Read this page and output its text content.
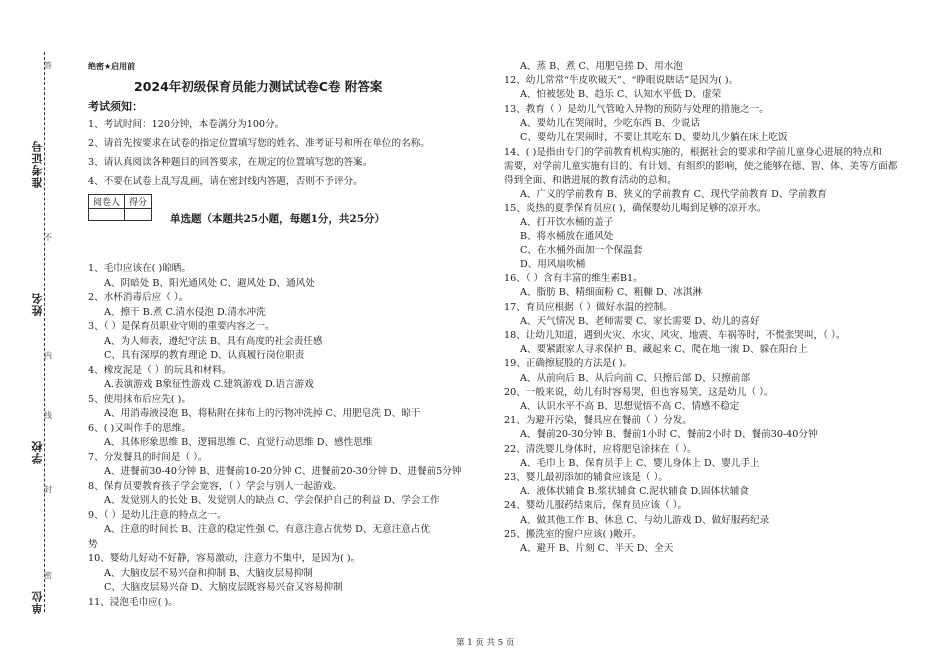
准考证号
姓名
学校
单位
答
不
内
线
封
密
绝密★启用前
2024年初级保育员能力测试试卷C卷 附答案
考试须知：
1、考试时间：120分钟，本卷满分为100分。
2、请首先按要求在试卷的指定位置填写您的姓名、准考证号和所在单位的名称。
3、请认真阅读各种题目的回答要求，在规定的位置填写您的答案。
4、不要在试卷上乱写乱画，请在密封线内答题，否则不予评分。
阅卷人	得分

单选题（本题共25小题，每题1分，共25分）
1、毛巾应该在( )晾晒。
A、阴暗处 B、阳光通风处 C、避风处 D、通风处
2、水杯消毒后应（ ）。
A、擦干 B.煮 C.清水侵泡 D.清水冲洗
3、（ ）是保育员职业守则的重要内容之一。
A、为人师表，遵纪守法 B、具有高度的社会责任感
C、具有深厚的教育理论 D、认真履行岗位职责
4、橡皮泥是（ ）的玩具和材料。
A.表演游戏 B象征性游戏 C.建筑游戏 D.语言游戏
5、使用抹布后应先( )。
A、用消毒液浸泡 B、将粘附在抹布上的污物冲洗掉 C、用肥皂洗 D、晾干
6、( )又叫作手的思维。
A、具体形象思维 B、逻辑思维 C、直觉行动思维 D、感性思维
7、分发餐具的时间是（ ）。
A、进餐前30-40分钟 B、进餐前10-20分钟 C、进餐前20-30分钟 D、进餐前5分钟
8、保育员要教育孩子学会宽容，（ ）学会与别人一起游戏。
A、发觉别人的长处 B、发觉别人的缺点 C、学会保护自己的利益 D、学会工作
9、（ ）是幼儿注意的特点之一。
A、注意的时间长 B、注意的稳定性强 C、有意注意占优势 D、无意注意占优
势
10、婴幼儿好动不好静，容易激动，注意力不集中，是因为( )。
A、大脑皮层不易兴奋和抑制 B、大脑皮层易抑制
C、大脑皮层易兴奋 D、大脑皮层既容易兴奋又容易抑制
11、浸泡毛巾应( )。
A、蒸 B、煮 C、用肥皂搓 D、用水泡
12、幼儿常常“牛皮吹破天”、“睁眼说瞎话”是因为( )。
A、怕被惩处 B、趋乐 C、认知水平低 D、虚荣
13、教育（ ）是幼儿气管呛入异物的预防与处理的措施之一。
A、要幼儿在哭闹时，少吃东西 B、少说话
C、要幼儿在哭闹时，不要让其吃东 D、要幼儿少躺在床上吃饭
14、( )是指由专门的学前教育机构实施的，根据社会的要求和学前儿童身心进展的特点和
需要，对学前儿童实施有目的、有计划、有组织的影响，使之能够在德、智、体、美等方面都
得到全面、和谐进展的教育活动的总和。
A、广义的学前教育 B、狭义的学前教育 C、现代学前教育 D、学前教育
15、炎热的夏季保育员应( )，确保婴幼儿喝到足够的凉开水。
A、打开饮水桶的盖子
B、将水桶放在通风处
C、在水桶外面加一个保温套
D、用风扇吹桶
16、（ ）含有丰富的维生素B1。
A、脂肪 B、精细面粉 C、粗糠 D、冰淇淋
17、育员应根据（ ）做好水温的控制。
A、天气情况 B、老师需要 C、家长需要 D、幼儿的喜好
18、让幼儿知道，遇到火灾、水灾、风灾、地震、车祸等时，不慌张哭叫，（ ）。
A、要紧跟家人寻求保护 B、藏起来 C、爬在地一滚 D、躲在阳台上
19、正确擦屁股的方法是( )。
A、从前向后 B、从后向前 C、只擦后部 D、只擦前部
20、一般来说，幼儿有时容易哭，但也容易笑，这是幼儿（ ）。
A、认识水平不高 B、思想觉悟不高 C、情感不稳定
21、为避开污染，餐具应在餐前（ ）分发。
A、餐前20-30分钟 B、餐前1小时 C、餐前2小时 D、餐前30-40分钟
22、清洗婴儿身体时，应将肥皂涂抹在（ ）。
A、毛巾上 B、保育员手上 C、婴儿身体上 D、婴儿手上
23、婴儿最初添加的辅食应该是（ ）。
A．液体状辅食 B.浆状辅食 C.泥状辅食 D.固体状辅食
24、婴幼儿服药结束后，保育员应该（ ）。
A、做其他工作 B、休息 C、与幼儿游戏 D、做好服药纪录
25、搬洗室的窗户应该( )敞开。
A、避开 B、片刻 C、半天 D、全天
第 1 页 共 5 页
